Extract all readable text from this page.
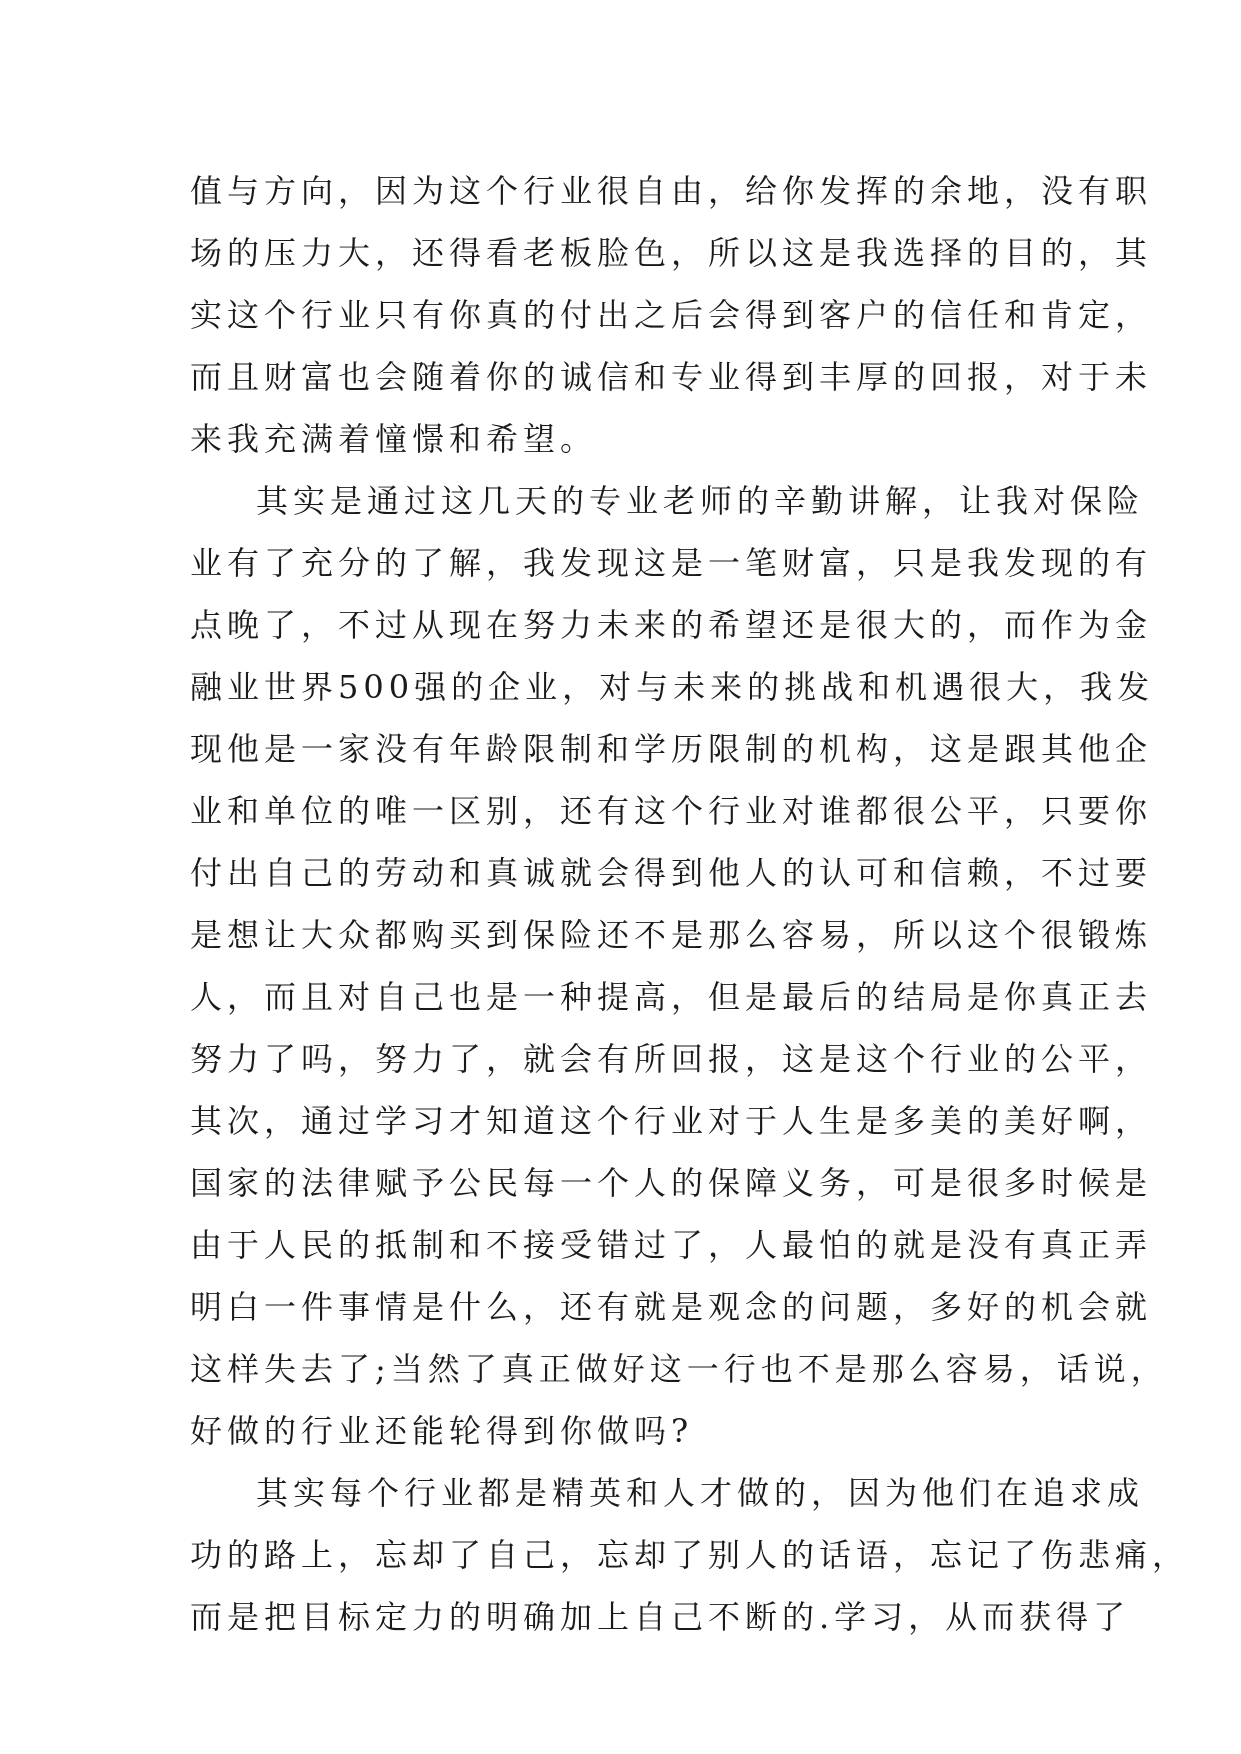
值与方向，因为这个行业很自由，给你发挥的余地，没有职
场的压力大，还得看老板脸色，所以这是我选择的目的，其
实这个行业只有你真的付出之后会得到客户的信任和肯定，
而且财富也会随着你的诚信和专业得到丰厚的回报，对于未
来我充满着憧憬和希望。
其实是通过这几天的专业老师的辛勤讲解，让我对保险
业有了充分的了解，我发现这是一笔财富，只是我发现的有
点晚了，不过从现在努力未来的希望还是很大的，而作为金
融业世界500强的企业，对与未来的挑战和机遇很大，我发
现他是一家没有年龄限制和学历限制的机构，这是跟其他企
业和单位的唯一区别，还有这个行业对谁都很公平，只要你
付出自己的劳动和真诚就会得到他人的认可和信赖，不过要
是想让大众都购买到保险还不是那么容易，所以这个很锻炼
人，而且对自己也是一种提高，但是最后的结局是你真正去
努力了吗，努力了，就会有所回报，这是这个行业的公平，
其次，通过学习才知道这个行业对于人生是多美的美好啊，
国家的法律赋予公民每一个人的保障义务，可是很多时候是
由于人民的抵制和不接受错过了，人最怕的就是没有真正弄
明白一件事情是什么，还有就是观念的问题，多好的机会就
这样失去了;当然了真正做好这一行也不是那么容易，话说，
好做的行业还能轮得到你做吗?
其实每个行业都是精英和人才做的，因为他们在追求成
功的路上，忘却了自己，忘却了别人的话语，忘记了伤悲痛，
而是把目标定力的明确加上自己不断的.学习，从而获得了
